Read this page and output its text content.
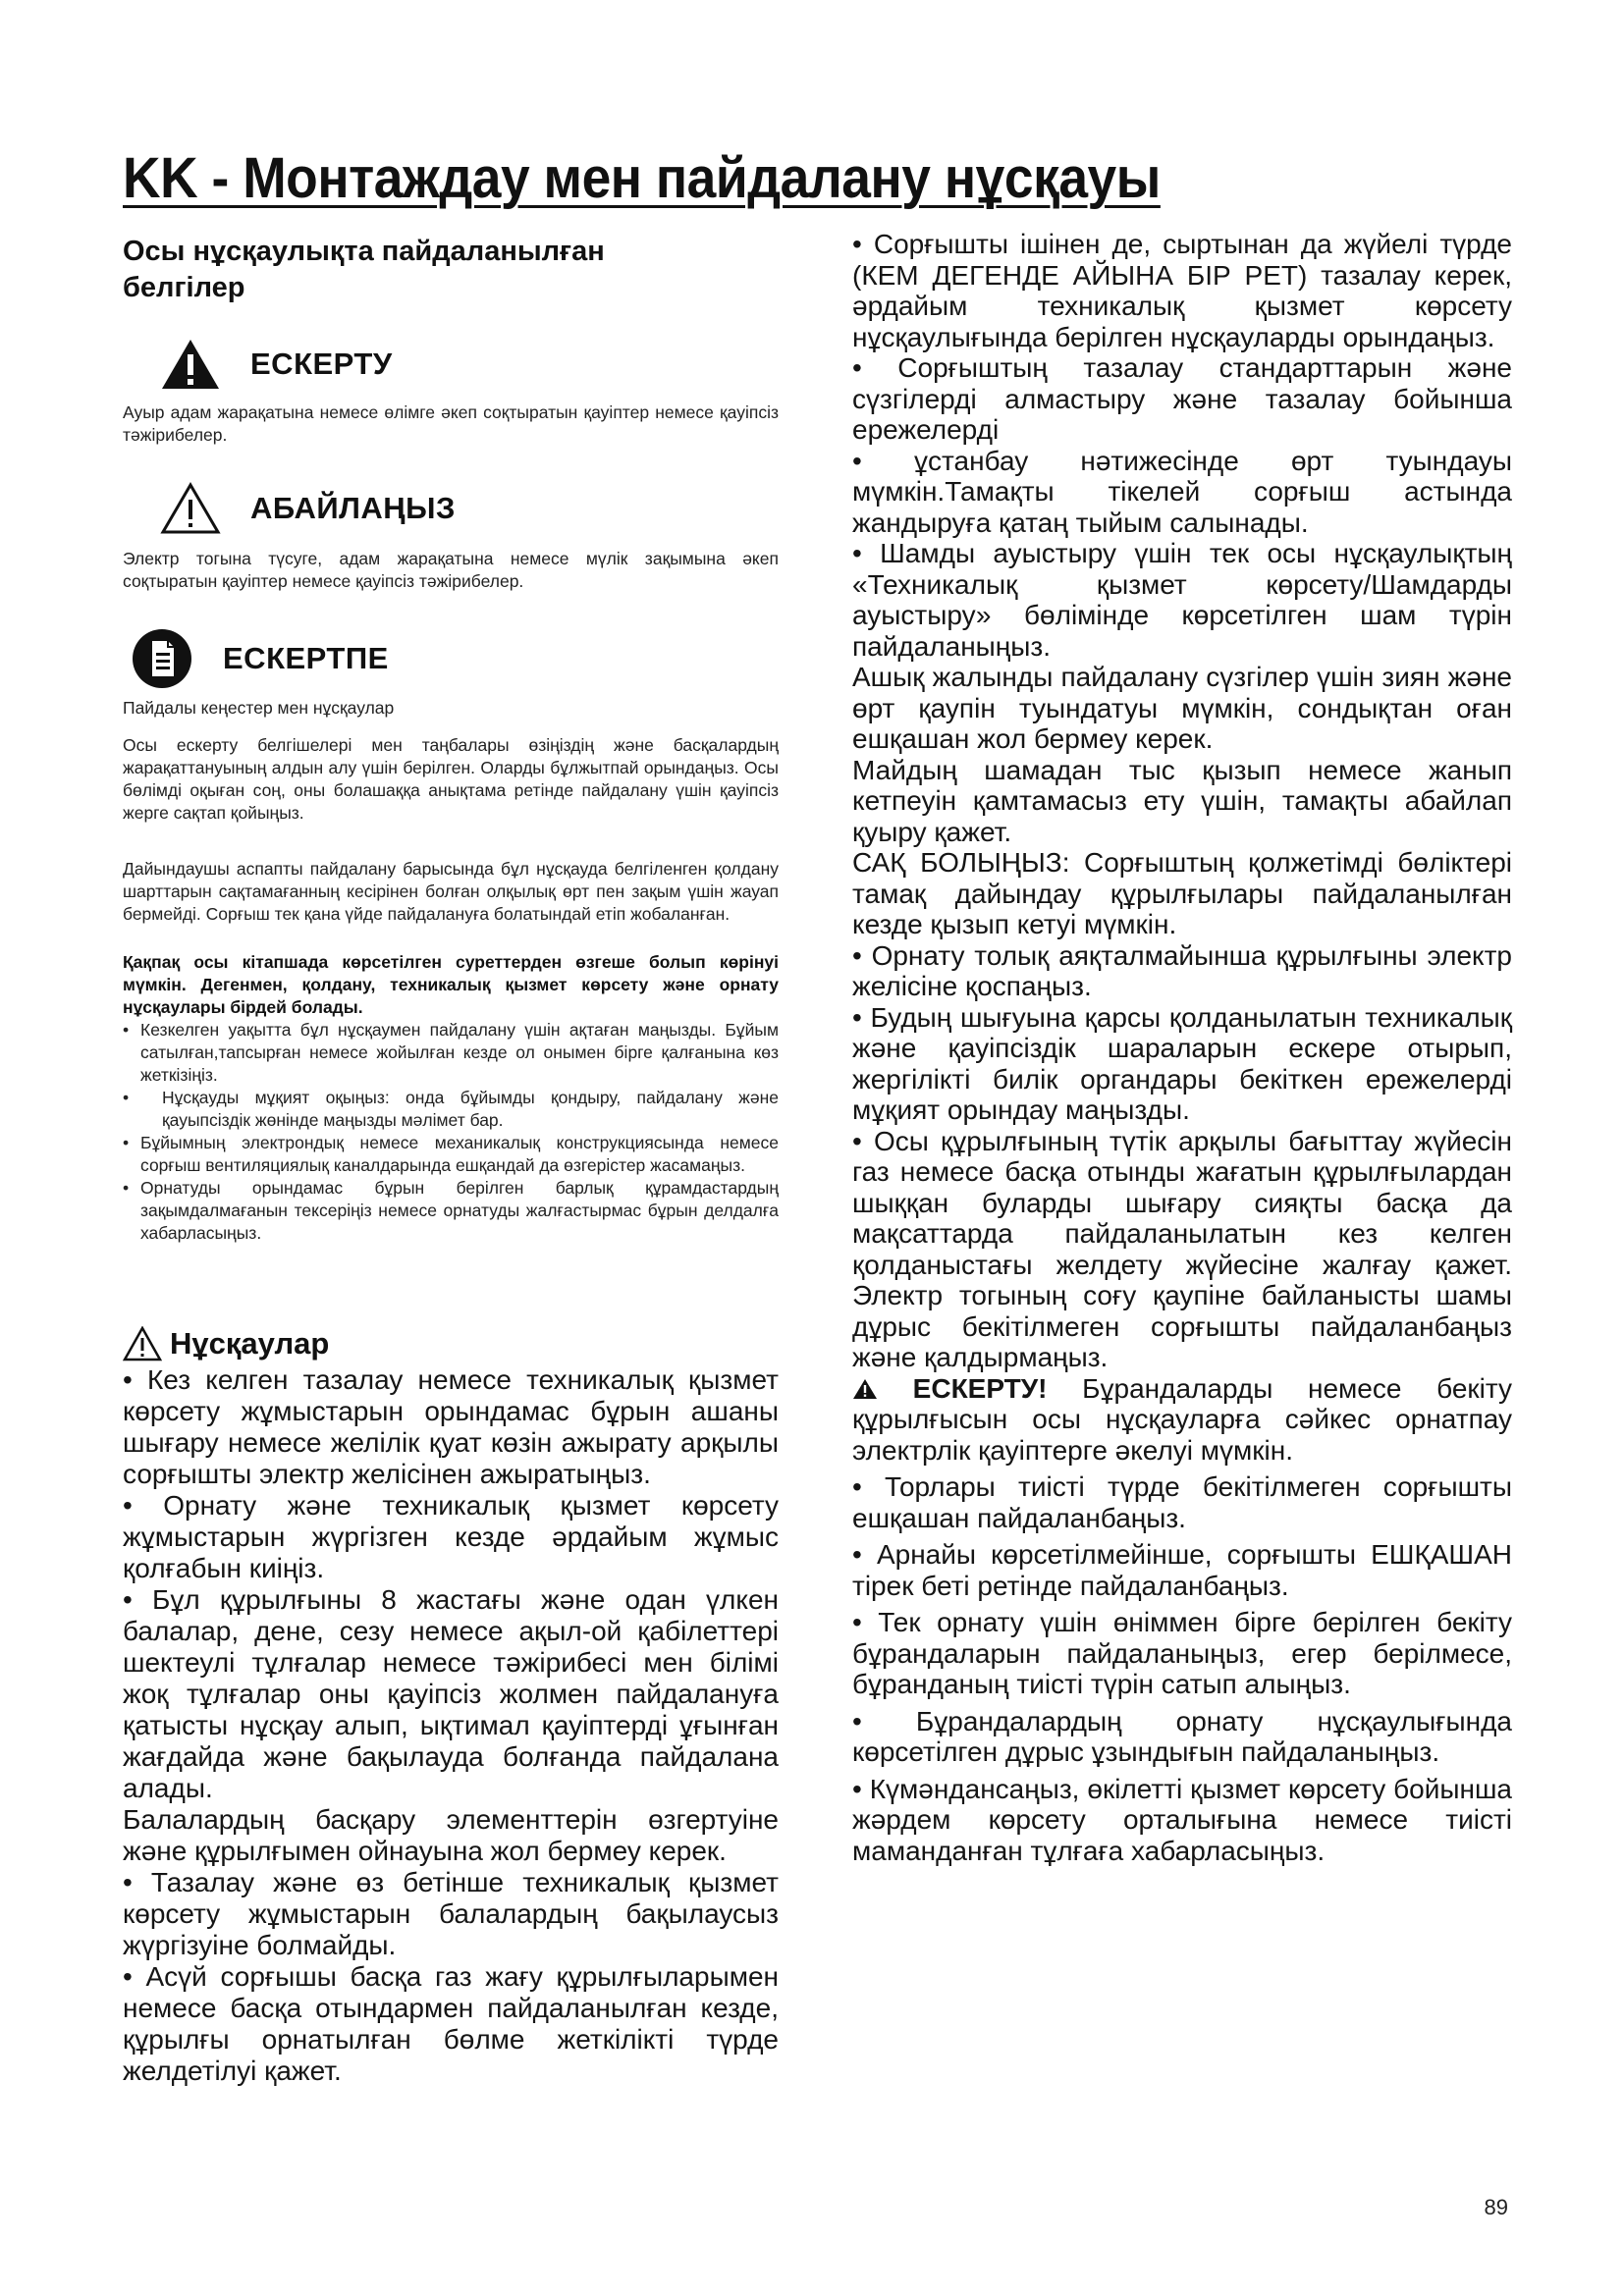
KK - Монтаждау мен пайдалану нұсқауы

Осы нұсқаулықта пайдаланылған белгілер

ЕСКЕРТУ

Ауыр адам жарақатына немесе өлімге әкеп соқтыратын қауіптер немесе қауіпсіз тәжірибелер.

АБАЙЛАҢЫЗ

Электр тогына түсуге, адам жарақатына немесе мүлік зақымына әкеп соқтыратын қауіптер немесе қауіпсіз тәжірибелер.

ЕСКЕРТПЕ

Пайдалы кеңестер мен нұсқаулар

Осы ескерту белгішелері мен таңбалары өзіңіздің және басқалардың жарақаттануының алдын алу үшін берілген. Оларды бұлжытпай орындаңыз. Осы бөлімді оқыған соң, оны болашаққа анықтама ретінде пайдалану үшін қауіпсіз жерге сақтап қойыңыз.

Дайындаушы аспапты пайдалану барысында бұл нұсқауда белгіленген қолдану шарттарын сақтамағанның кесірінен болған олқылық өрт пен зақым үшін жауап бермейді. Сорғыш тек қана үйде пайдалануға болатындай етіп жобаланған.

Қақпақ осы кітапшада көрсетілген суреттерден өзгеше болып көрінуі мүмкін. Дегенмен, қолдану, техникалық қызмет көрсету және орнату нұсқаулары бірдей болады.

• Кезкелген уақытта бұл нұсқаумен пайдалану үшін ақтаған маңызды. Бұйым сатылған,тапсырған немесе жойылған кезде ол онымен бірге қалғанына көз жеткізіңіз.
•	Нұсқауды мұқият оқыңыз: онда бұйымды қондыру, пайдалану және қауыпсіздік жөнінде маңызды мәлімет бар.
• Бұйымның электрондық немесе механикалық конструкциясында немесе сорғыш вентиляциялық каналдарында ешқандай да өзгерістер жасамаңыз.
• Орнатуды орындамас бұрын берілген барлық құрамдастардың зақымдалмағанын тексеріңіз немесе орнатуды жалғастырмас бұрын делдалға хабарласыңыз.
Нұсқаулар

• Кез келген тазалау немесе техникалық қызмет көрсету жұмыстарын орындамас бұрын ашаны шығару немесе желілік қуат көзін ажырату арқылы сорғышты электр желісінен ажыратыңыз.

• Орнату және техникалық қызмет көрсету жұмыстарын жүргізген кезде әрдайым жұмыс қолғабын киіңіз.

• Бұл құрылғыны 8 жастағы және одан үлкен балалар, дене, сезу немесе ақыл-ой қабілеттері шектеулі тұлғалар немесе тәжірибесі мен білімі жоқ тұлғалар оны қауіпсіз жолмен пайдалануға қатысты нұсқау алып, ықтимал қауіптерді ұғынған жағдайда және бақылауда болғанда пайдалана алады.

Балалардың басқару элементтерін өзгертуіне және құрылғымен ойнауына жол бермеу керек.

• Тазалау және өз бетінше техникалық қызмет көрсету жұмыстарын балалардың бақылаусыз жүргізуіне болмайды.

• Асүй сорғышы басқа газ жағу құрылғыларымен немесе басқа отындармен пайдаланылған кезде, құрылғы орнатылған бөлме жеткілікті түрде желдетілуі қажет.

• Сорғышты ішінен де, сыртынан да жүйелі түрде (КЕМ ДЕГЕНДЕ АЙЫНА БІР РЕТ) тазалау керек, әрдайым техникалық қызмет көрсету нұсқаулығында берілген нұсқауларды орындаңыз.

• Сорғыштың тазалау стандарттарын және сүзгілерді алмастыру және тазалау бойынша ережелерді

• ұстанбау нәтижесінде өрт туындауы мүмкін.Тамақты тікелей сорғыш астында жандыруға қатаң тыйым салынады.

• Шамды ауыстыру үшін тек осы нұсқаулықтың «Техникалық қызмет көрсету/Шамдарды ауыстыру» бөлімінде көрсетілген шам түрін пайдаланыңыз.

Ашық жалынды пайдалану сүзгілер үшін зиян және өрт қаупін туындатуы мүмкін, сондықтан оған ешқашан жол бермеу керек.

Майдың шамадан тыс қызып немесе жанып кетпеуін қамтамасыз ету үшін, тамақты абайлап қуыру қажет.

САҚ БОЛЫҢЫЗ: Сорғыштың қолжетімді бөліктері тамақ дайындау құрылғылары пайдаланылған кезде қызып кетуі мүмкін.

• Орнату толық аяқталмайынша құрылғыны электр желісіне қоспаңыз.

• Будың шығуына қарсы қолданылатын техникалық және қауіпсіздік шараларын ескере отырып, жергілікті билік органдары бекіткен ережелерді мұқият орындау маңызды.

• Осы құрылғының түтік арқылы бағыттау жүйесін газ немесе басқа отынды жағатын құрылғылардан шыққан буларды шығару сияқты басқа да мақсаттарда пайдаланылатын кез келген қолданыстағы желдету жүйесіне жалғау қажет. Электр тогының соғу қаупіне байланысты шамы дұрыс бекітілмеген сорғышты пайдаланбаңыз және қалдырмаңыз.

ЕСКЕРТУ! Бұрандаларды немесе бекіту құрылғысын осы нұсқауларға сәйкес орнатпау электрлік қауіптерге әкелуі мүмкін.

• Торлары тиісті түрде бекітілмеген сорғышты ешқашан пайдаланбаңыз.

• Арнайы көрсетілмейінше, сорғышты ЕШҚАШАН тірек беті ретінде пайдаланбаңыз.

• Тек орнату үшін өніммен бірге берілген бекіту бұрандаларын пайдаланыңыз, егер берілмесе, бұранданың тиісті түрін сатып алыңыз.

• Бұрандалардың орнату нұсқаулығында көрсетілген дұрыс ұзындығын пайдаланыңыз.

• Күмәндансаңыз, өкілетті қызмет көрсету бойынша жәрдем көрсету орталығына немесе тиісті маманданған тұлғаға хабарласыңыз.

89
